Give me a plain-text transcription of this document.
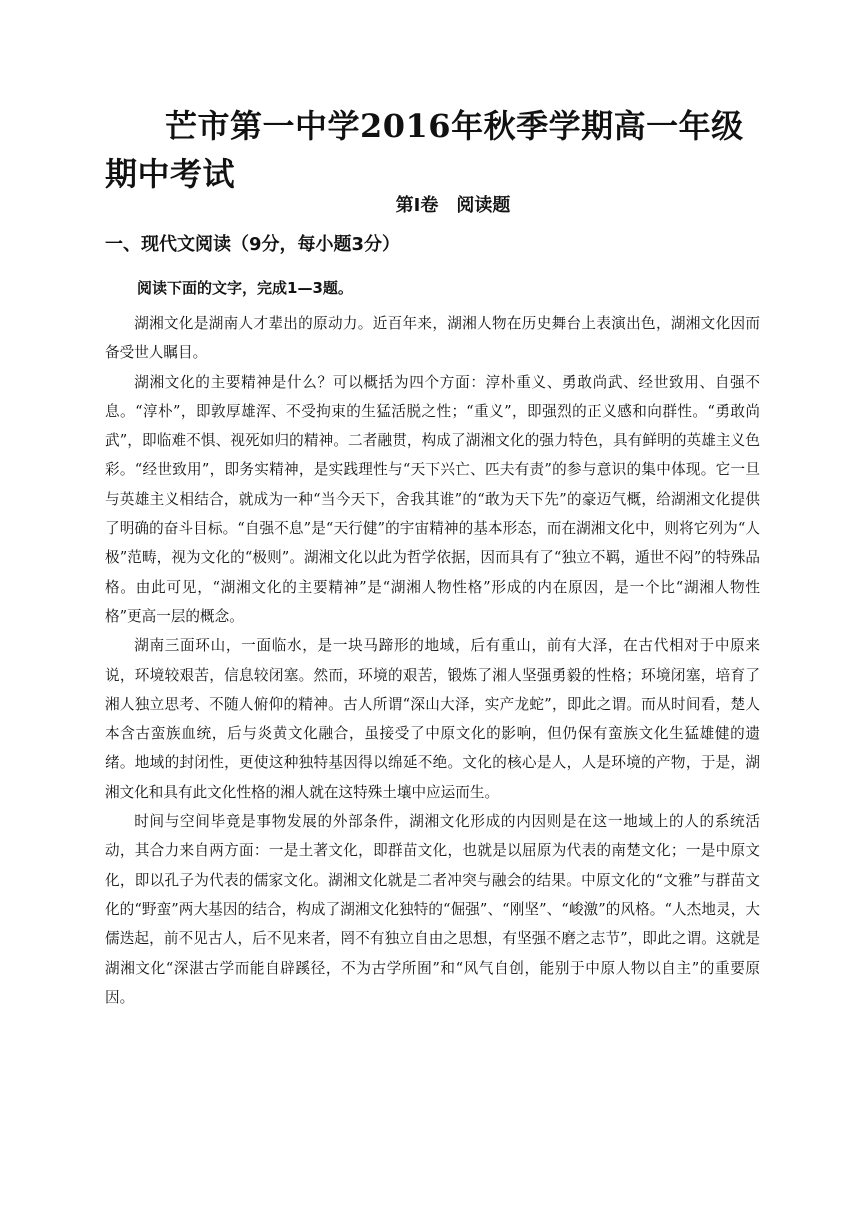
芒市第一中学2016年秋季学期高一年级期中考试
第Ⅰ卷　阅读题
一、现代文阅读（9分，每小题3分）
阅读下面的文字，完成1—3题。

湖湘文化是湖南人才辈出的原动力。近百年来，湖湘人物在历史舞台上表演出色，湖湘文化因而备受世人瞩目。

湖湘文化的主要精神是什么？可以概括为四个方面：淳朴重义、勇敢尚武、经世致用、自强不息。“淳朴”，即敦厚雄浑、不受拘束的生猛活脱之性；“重义”，即强烈的正义感和向群性。“勇敢尚武”，即临难不惧、视死如归的精神。二者融贯，构成了湖湘文化的强力特色，具有鲜明的英雄主义色彩。“经世致用”，即务实精神，是实践理性与“天下兴亡、匹夫有责”的参与意识的集中体现。它一旦与英雄主义相结合，就成为一种“当今天下，舍我其谁”的“敢为天下先”的豪迈气概，给湖湘文化提供了明确的奋斗目标。“自强不息”是“天行健”的宇宙精神的基本形态，而在湖湘文化中，则将它列为“人极”范畴，视为文化的“极则”。湖湘文化以此为哲学依据，因而具有了“独立不羁，遁世不闷”的特殊品格。由此可见，“湖湘文化的主要精神”是“湖湘人物性格”形成的内在原因，是一个比“湖湘人物性格”更高一层的概念。

湖南三面环山，一面临水，是一块马蹄形的地域，后有重山，前有大泽，在古代相对于中原来说，环境较艰苦，信息较闭塞。然而，环境的艰苦，锻炼了湘人坚强勇毅的性格；环境闭塞，培育了湘人独立思考、不随人俯仰的精神。古人所谓“深山大泽，实产龙蛇”，即此之谓。而从时间看，楚人本含古蛮族血统，后与炎黄文化融合，虽接受了中原文化的影响，但仍保有蛮族文化生猛雄健的遗绪。地域的封闭性，更使这种独特基因得以绵延不绝。文化的核心是人，人是环境的产物，于是，湖湘文化和具有此文化性格的湘人就在这特殊土壤中应运而生。

时间与空间毕竟是事物发展的外部条件，湖湘文化形成的内因则是在这一地域上的人的系统活动，其合力来自两方面：一是土著文化，即群苗文化，也就是以屈原为代表的南楚文化；一是中原文化，即以孔子为代表的儒家文化。湖湘文化就是二者冲突与融会的结果。中原文化的“文雅”与群苗文化的“野蛮”两大基因的结合，构成了湖湘文化独特的“倔强”、“刚坚”、“峻激”的风格。“人杰地灵，大儒迭起，前不见古人，后不见来者，罔不有独立自由之思想，有坚强不磨之志节”，即此之谓。这就是湖湘文化“深湛古学而能自辟蹊径，不为古学所囿”和“风气自创，能别于中原人物以自主”的重要原因。
